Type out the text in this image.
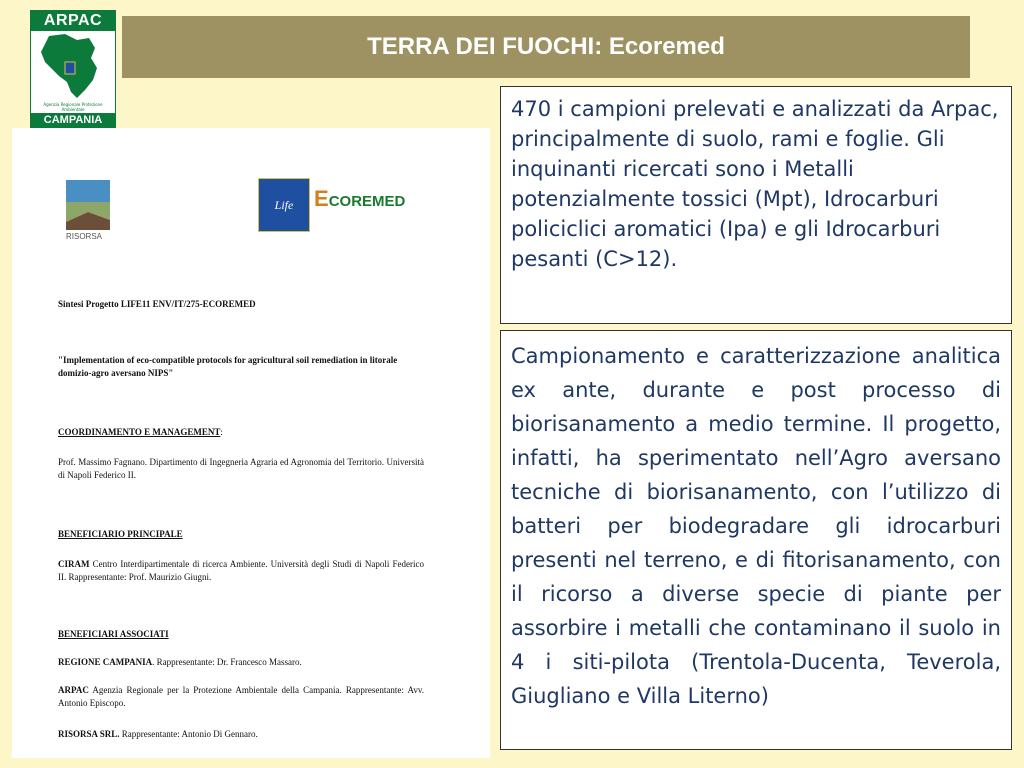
ARPAC
Agenzia Regionale Protezione Ambientale
CAMPANIA
TERRA DEI FUOCHI: Ecoremed
RISORSA
Life ECOREMED
Sintesi Progetto LIFE11 ENV/IT/275-ECOREMED
"Implementation of eco-compatible protocols for agricultural soil remediation in litorale domizio-agro aversano NIPS"
COORDINAMENTO E MANAGEMENT:
Prof. Massimo Fagnano. Dipartimento di Ingegneria Agraria ed Agronomia del Territorio. Università di Napoli Federico II.
BENEFICIARIO PRINCIPALE
CIRAM Centro Interdipartimentale di ricerca Ambiente. Università degli Studi di Napoli Federico II. Rappresentante: Prof. Maurizio Giugni.
BENEFICIARI ASSOCIATI
REGIONE CAMPANIA. Rappresentante: Dr. Francesco Massaro.
ARPAC Agenzia Regionale per la Protezione Ambientale della Campania. Rappresentante: Avv. Antonio Episcopo.
RISORSA SRL. Rappresentante: Antonio Di Gennaro.
470 i campioni prelevati e analizzati da Arpac, principalmente di suolo, rami e foglie. Gli inquinanti ricercati sono i Metalli potenzialmente tossici (Mpt), Idrocarburi policiclici aromatici (Ipa) e gli Idrocarburi pesanti (C>12).
Campionamento e caratterizzazione analitica ex ante, durante e post processo di biorisanamento a medio termine. Il progetto, infatti, ha sperimentato nell’Agro aversano tecniche di biorisanamento, con l’utilizzo di batteri per biodegradare gli idrocarburi presenti nel terreno, e di fitorisanamento, con il ricorso a diverse specie di piante per assorbire i metalli che contaminano il suolo in 4 i siti-pilota (Trentola-Ducenta, Teverola, Giugliano e Villa Literno)
